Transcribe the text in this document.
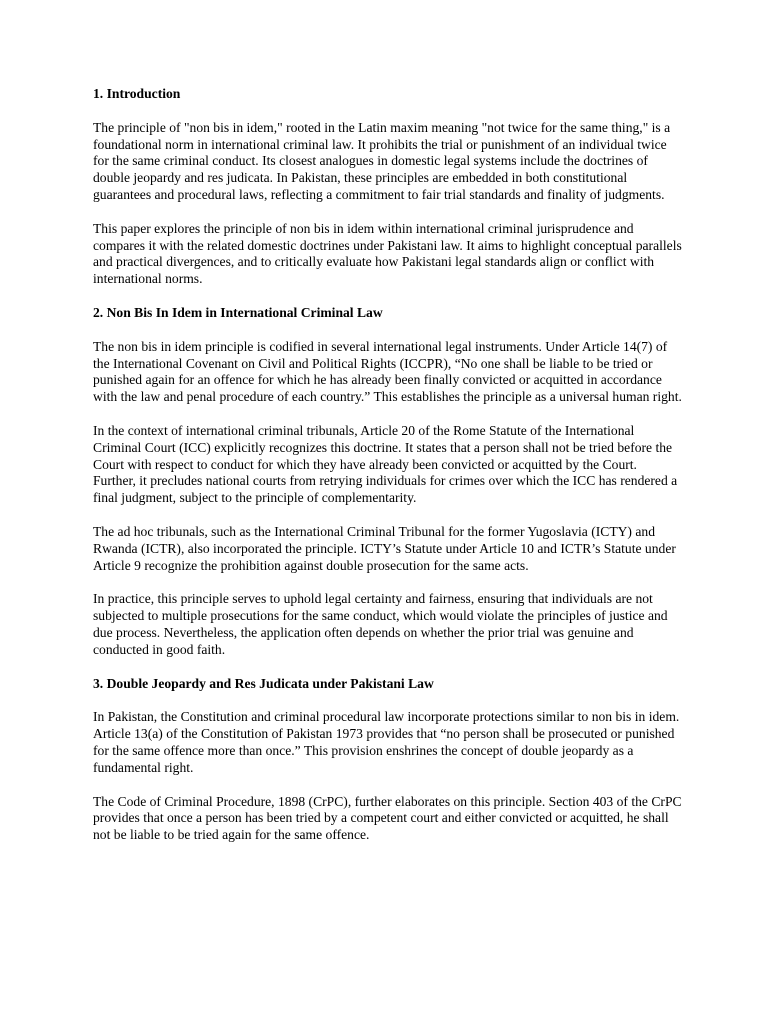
1. Introduction
The principle of "non bis in idem," rooted in the Latin maxim meaning "not twice for the same thing," is a foundational norm in international criminal law. It prohibits the trial or punishment of an individual twice for the same criminal conduct. Its closest analogues in domestic legal systems include the doctrines of double jeopardy and res judicata. In Pakistan, these principles are embedded in both constitutional guarantees and procedural laws, reflecting a commitment to fair trial standards and finality of judgments.
This paper explores the principle of non bis in idem within international criminal jurisprudence and compares it with the related domestic doctrines under Pakistani law. It aims to highlight conceptual parallels and practical divergences, and to critically evaluate how Pakistani legal standards align or conflict with international norms.
2. Non Bis In Idem in International Criminal Law
The non bis in idem principle is codified in several international legal instruments. Under Article 14(7) of the International Covenant on Civil and Political Rights (ICCPR), “No one shall be liable to be tried or punished again for an offence for which he has already been finally convicted or acquitted in accordance with the law and penal procedure of each country.” This establishes the principle as a universal human right.
In the context of international criminal tribunals, Article 20 of the Rome Statute of the International Criminal Court (ICC) explicitly recognizes this doctrine. It states that a person shall not be tried before the Court with respect to conduct for which they have already been convicted or acquitted by the Court. Further, it precludes national courts from retrying individuals for crimes over which the ICC has rendered a final judgment, subject to the principle of complementarity.
The ad hoc tribunals, such as the International Criminal Tribunal for the former Yugoslavia (ICTY) and Rwanda (ICTR), also incorporated the principle. ICTY’s Statute under Article 10 and ICTR’s Statute under Article 9 recognize the prohibition against double prosecution for the same acts.
In practice, this principle serves to uphold legal certainty and fairness, ensuring that individuals are not subjected to multiple prosecutions for the same conduct, which would violate the principles of justice and due process. Nevertheless, the application often depends on whether the prior trial was genuine and conducted in good faith.
3. Double Jeopardy and Res Judicata under Pakistani Law
In Pakistan, the Constitution and criminal procedural law incorporate protections similar to non bis in idem. Article 13(a) of the Constitution of Pakistan 1973 provides that “no person shall be prosecuted or punished for the same offence more than once.” This provision enshrines the concept of double jeopardy as a fundamental right.
The Code of Criminal Procedure, 1898 (CrPC), further elaborates on this principle. Section 403 of the CrPC provides that once a person has been tried by a competent court and either convicted or acquitted, he shall not be liable to be tried again for the same offence.
